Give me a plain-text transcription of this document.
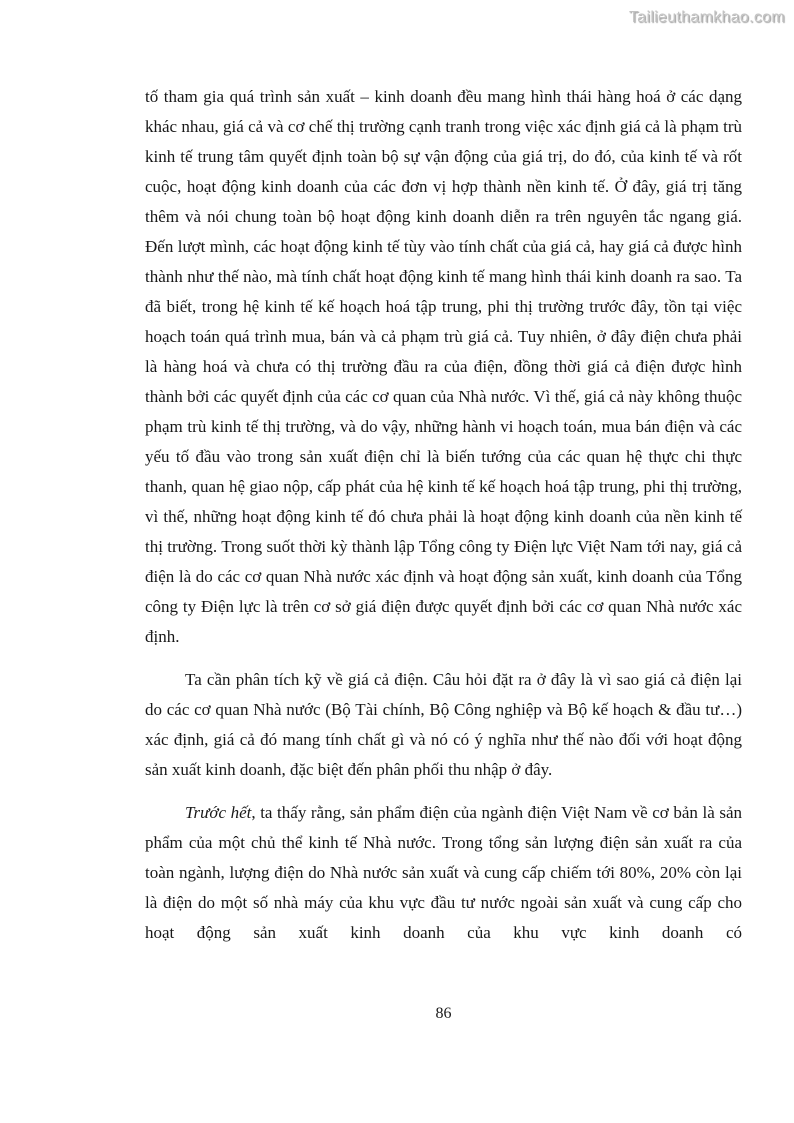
Tailieuthamkhao.com

tố tham gia quá trình sản xuất – kinh doanh đều mang hình thái hàng hoá ở các dạng khác nhau, giá cả và cơ chế thị trường cạnh tranh trong việc xác định giá cả là phạm trù kinh tế trung tâm quyết định toàn bộ sự vận động của giá trị, do đó, của kinh tế và rốt cuộc, hoạt động kinh doanh của các đơn vị hợp thành nền kinh tế. Ở đây, giá trị tăng thêm và nói chung toàn bộ hoạt động kinh doanh diễn ra trên nguyên tắc ngang giá. Đến lượt mình, các hoạt động kinh tế tùy vào tính chất của giá cả, hay giá cả được hình thành như thế nào, mà tính chất hoạt động kinh tế mang hình thái kinh doanh ra sao. Ta đã biết, trong hệ kinh tế kế hoạch hoá tập trung, phi thị trường trước đây, tồn tại việc hoạch toán quá trình mua, bán và cả phạm trù giá cả. Tuy nhiên, ở đây điện chưa phải là hàng hoá và chưa có thị trường đầu ra của điện, đồng thời giá cả điện được hình thành bởi các quyết định của các cơ quan của Nhà nước. Vì thế, giá cả này không thuộc phạm trù kinh tế thị trường, và do vậy, những hành vi hoạch toán, mua bán điện và các yếu tố đầu vào trong sản xuất điện chỉ là biến tướng của các quan hệ thực chi thực thanh, quan hệ giao nộp, cấp phát của hệ kinh tế kế hoạch hoá tập trung, phi thị trường, vì thế, những hoạt động kinh tế đó chưa phải là hoạt động kinh doanh của nền kinh tế thị trường. Trong suốt thời kỳ thành lập Tổng công ty Điện lực Việt Nam tới nay, giá cả điện là do các cơ quan Nhà nước xác định và hoạt động sản xuất, kinh doanh của Tổng công ty Điện lực là trên cơ sở giá điện được quyết định bởi các cơ quan Nhà nước xác định.

Ta cần phân tích kỹ về giá cả điện. Câu hỏi đặt ra ở đây là vì sao giá cả điện lại do các cơ quan Nhà nước (Bộ Tài chính, Bộ Công nghiệp và Bộ kế hoạch & đầu tư…) xác định, giá cả đó mang tính chất gì và nó có ý nghĩa như thế nào đối với hoạt động sản xuất kinh doanh, đặc biệt đến phân phối thu nhập ở đây.

Trước hết, ta thấy rằng, sản phẩm điện của ngành điện Việt Nam về cơ bản là sản phẩm của một chủ thể kinh tế Nhà nước. Trong tổng sản lượng điện sản xuất ra của toàn ngành, lượng điện do Nhà nước sản xuất và cung cấp chiếm tới 80%, 20% còn lại là điện do một số nhà máy của khu vực đầu tư nước ngoài sản xuất và cung cấp cho hoạt động sản xuất kinh doanh của khu vực kinh doanh có

86
